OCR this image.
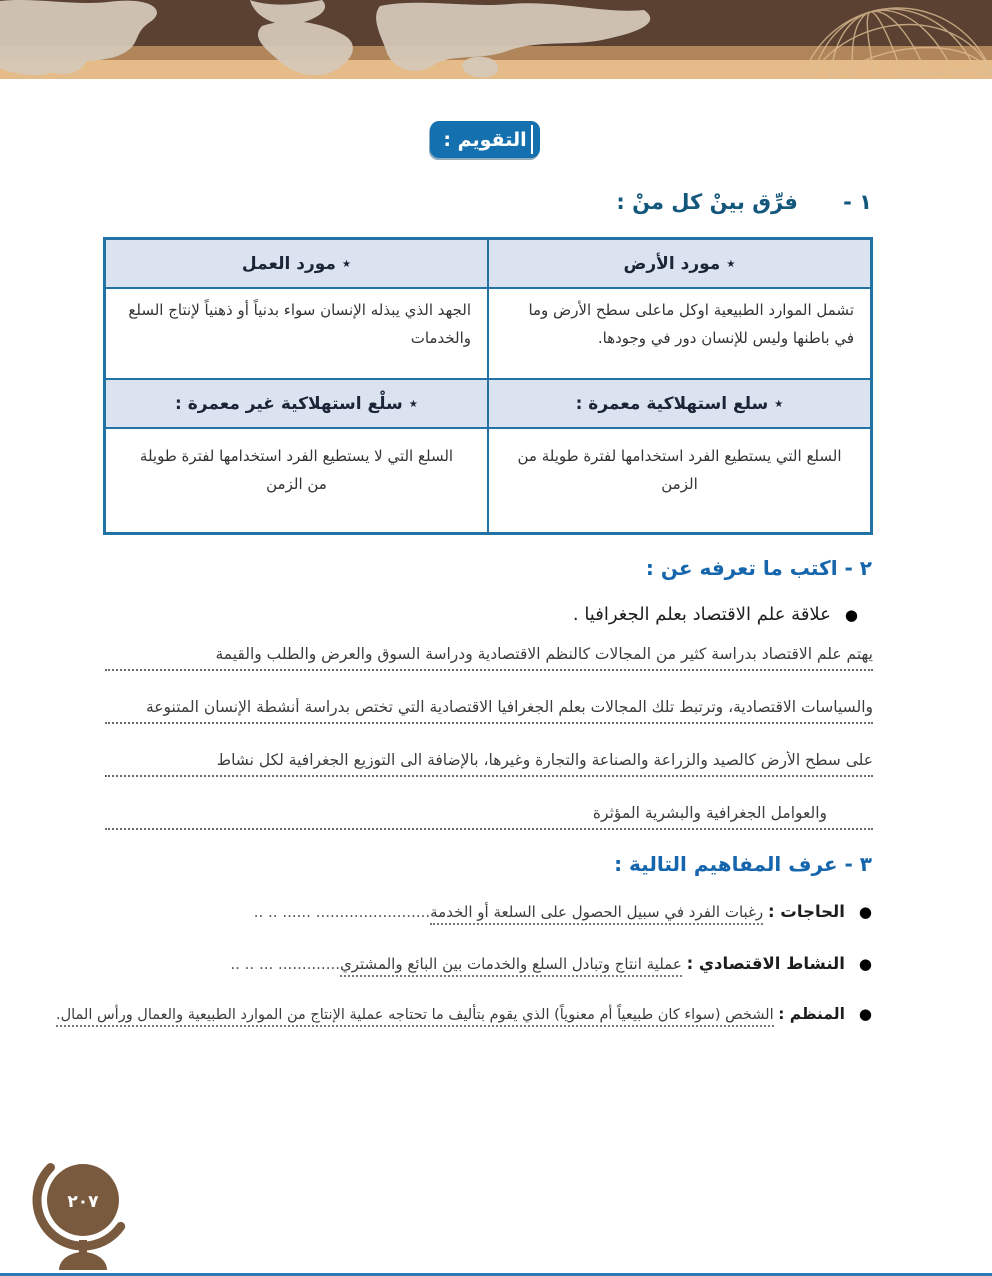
التقويم :
١ - فرِّق بينْ كل منْ :
٭ مورد الأرض
٭ مورد العمل
تشمل الموارد الطبيعية اوكل ماعلى سطح الأرض وما في باطنها وليس للإنسان دور في وجودها.
الجهد الذي يبذله الإنسان سواء بدنياً أو ذهنياً لإنتاج السلع والخدمات
٭ سلع استهلاكية معمرة :
٭ سلْع استهلاكية غير معمرة :
السلع التي يستطيع الفرد استخدامها لفترة طويلة من الزمن
السلع التي لا يستطيع الفرد استخدامها لفترة طويلة من الزمن
٢ - اكتب ما تعرفه عن :
●علاقة علم الاقتصاد بعلم الجغرافيا .
يهتم علم الاقتصاد بدراسة كثير من المجالات كالنظم الاقتصادية ودراسة السوق والعرض والطلب والقيمة
والسياسات الاقتصادية، وترتبط تلك المجالات بعلم الجغرافيا الاقتصادية التي تختص بدراسة أنشطة الإنسان المتنوعة
على سطح الأرض كالصيد والزراعة والصناعة والتجارة وغيرها، بالإضافة الى التوزيع الجغرافية لكل نشاط
والعوامل الجغرافية والبشرية المؤثرة
٣ - عرف المفاهيم التالية :
●الحاجات : رغبات الفرد في سبيل الحصول على السلعة أو الخدمة........................ ...... .. ..
●النشاط الاقتصادي : عملية انتاج وتبادل السلع والخدمات بين البائع والمشتري............. ... .. ..
●المنظم : الشخص (سواء كان طبيعياً أم معنوياً) الذي يقوم بتأليف ما تحتاجه عملية الإنتاج من الموارد الطبيعية والعمال ورأس المال.
٢٠٧
